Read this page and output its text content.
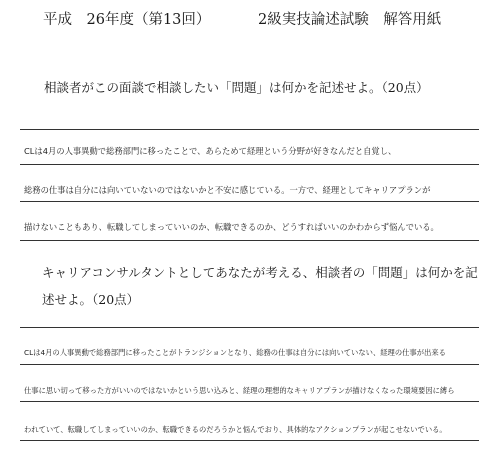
平成　26年度（第13回）	2級実技論述試験　解答用紙
相談者がこの面談で相談したい「問題」は何かを記述せよ。（20点）
CLは4月の人事異動で総務部門に移ったことで、あらためて経理という分野が好きなんだと自覚し、
総務の仕事は自分には向いていないのではないかと不安に感じている。一方で、経理としてキャリアプランが
描けないこともあり、転職してしまっていいのか、転職できるのか、どうすればいいのかわからず悩んでいる。
キャリアコンサルタントとしてあなたが考える、相談者の「問題」は何かを記
述せよ。（20点）
CLは4月の人事異動で総務部門に移ったことがトランジションとなり、総務の仕事は自分には向いていない、経理の仕事が出来る
仕事に思い切って移った方がいいのではないかという思い込みと、経理の理想的なキャリアプランが描けなくなった環境要因に縛ら
われていて、転職してしまっていいのか、転職できるのだろうかと悩んでおり、具体的なアクションプランが起こせないでいる。
